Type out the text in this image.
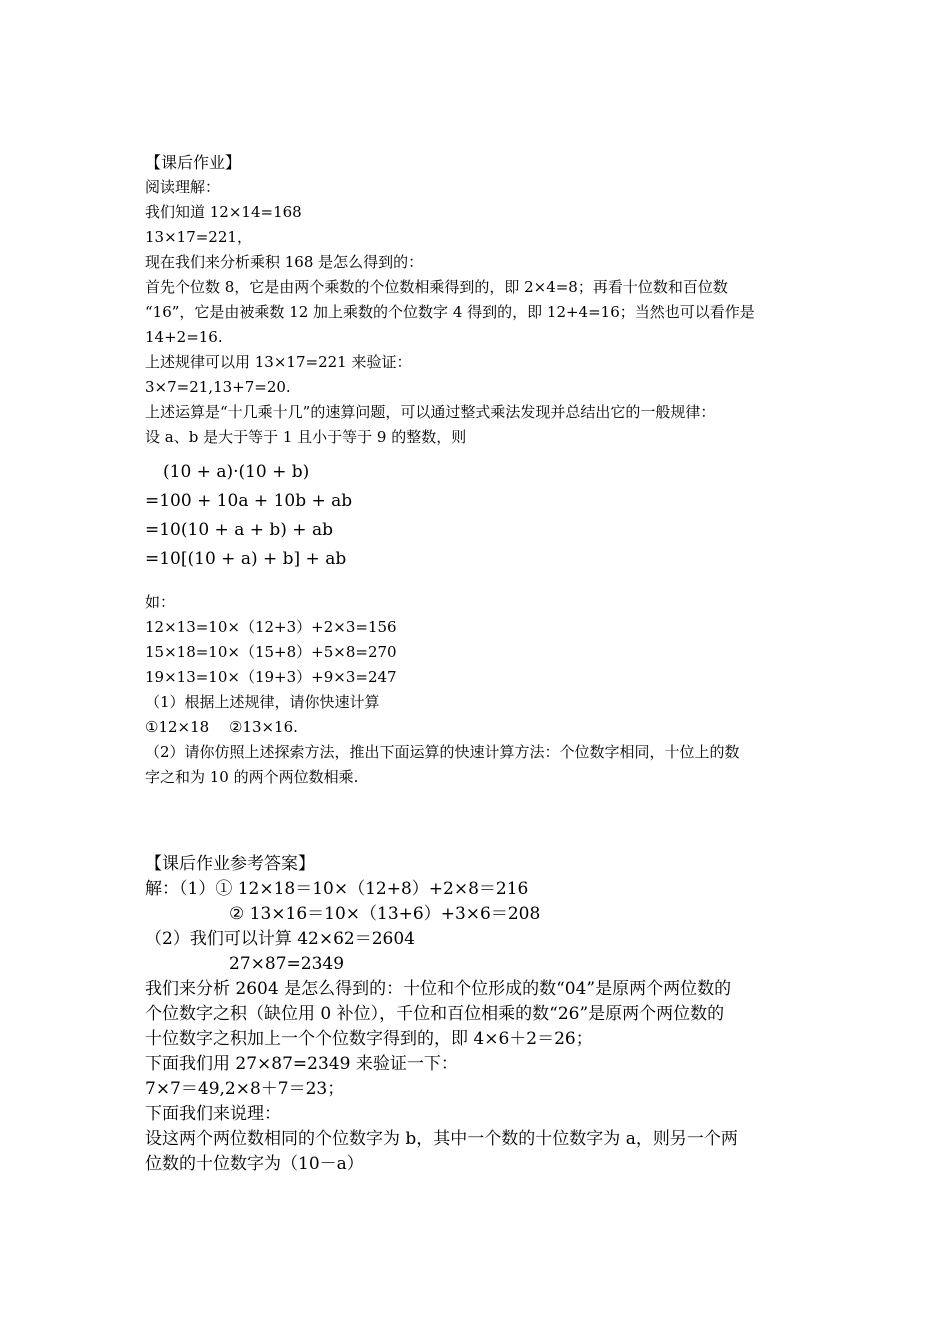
【课后作业】

阅读理解：

我们知道 12×14=168

13×17=221，

现在我们来分析乘积 168 是怎么得到的：

首先个位数 8，它是由两个乘数的个位数相乘得到的，即 2×4=8；再看十位数和百位数

“16”，它是由被乘数 12 加上乘数的个位数字 4 得到的，即 12+4=16；当然也可以看作是

14+2=16.

上述规律可以用 13×17=221 来验证：

3×7=21,13+7=20.

上述运算是“十几乘十几”的速算问题，可以通过整式乘法发现并总结出它的一般规律：

设 a、b 是大于等于 1 且小于等于 9 的整数，则

(10 + a)·(10 + b)
=100 + 10a + 10b + ab
=10(10 + a + b) + ab
=10[(10 + a) + b] + ab

如：

12×13=10×（12+3）+2×3=156

15×18=10×（15+8）+5×8=270

19×13=10×（19+3）+9×3=247

（1）根据上述规律，请你快速计算

①12×18　 ②13×16.

（2）请你仿照上述探索方法，推出下面运算的快速计算方法：个位数字相同，十位上的数

字之和为 10 的两个两位数相乘.

【课后作业参考答案】

解：（1）① 12×18＝10×（12+8）+2×8＝216

② 13×16＝10×（13+6）+3×6＝208

（2）我们可以计算 42×62＝2604

27×87=2349

我们来分析 2604 是怎么得到的：十位和个位形成的数“04”是原两个两位数的

个位数字之积（缺位用 0 补位），千位和百位相乘的数“26”是原两个两位数的

十位数字之积加上一个个位数字得到的，即 4×6＋2＝26；

下面我们用 27×87=2349 来验证一下：

7×7＝49,2×8＋7＝23；

下面我们来说理：

设这两个两位数相同的个位数字为 b，其中一个数的十位数字为 a，则另一个两

位数的十位数字为（10－a）
